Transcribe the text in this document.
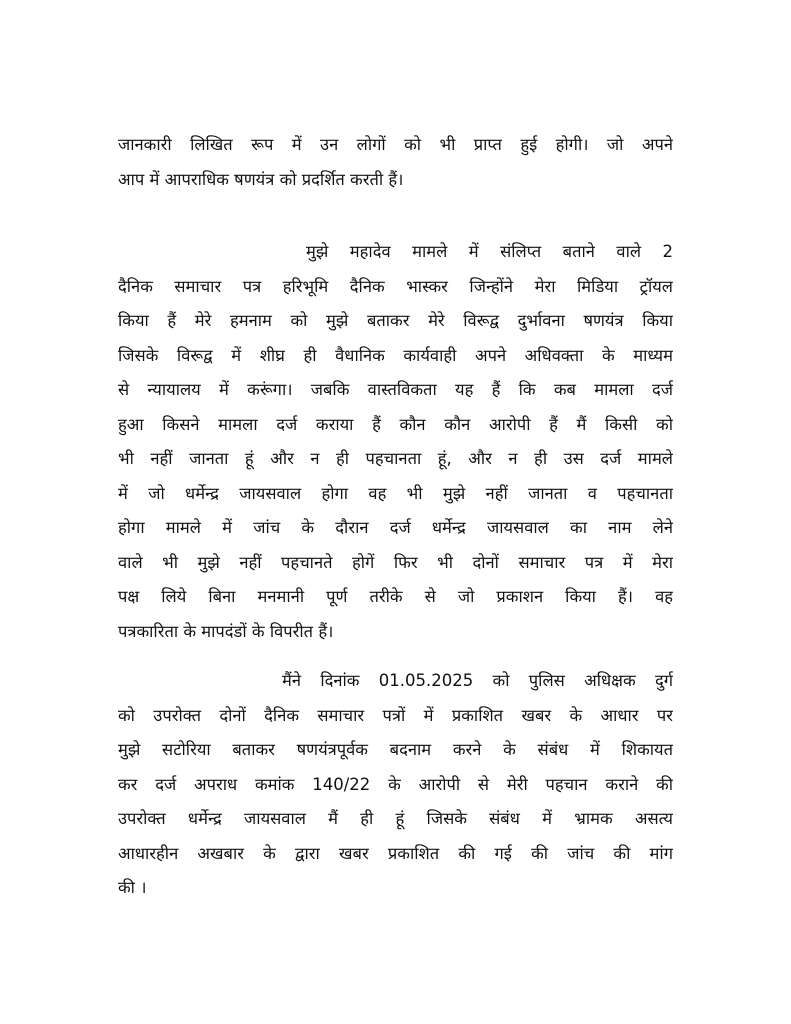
जानकारी लिखित रूप में उन लोगों को भी प्राप्त हुई होगी। जो अपने
आप में आपराधिक षणयंत्र को प्रदर्शित करती हैं।
मुझे महादेव मामले में संलिप्त बताने वाले 2
दैनिक समाचार पत्र हरिभूमि दैनिक भास्कर जिन्होंने मेरा मिडिया ट्रॉयल
किया हैं मेरे हमनाम को मुझे बताकर मेरे विरूद्व दुर्भावना षणयंत्र किया
जिसके विरूद्व में शीघ्र ही वैधानिक कार्यवाही अपने अधिवक्ता के माध्यम
से न्यायालय में करूंगा। जबकि वास्तविकता यह हैं कि कब मामला दर्ज
हुआ किसने मामला दर्ज कराया हैं कौन कौन आरोपी हैं मैं किसी को
भी नहीं जानता हूं और न ही पहचानता हूं, और न ही उस दर्ज मामले
में जो धर्मेन्द्र जायसवाल होगा वह भी मुझे नहीं जानता व पहचानता
होगा मामले में जांच के दौरान दर्ज धर्मेन्द्र जायसवाल का नाम लेने
वाले भी मुझे नहीं पहचानते होगें फिर भी दोनों समाचार पत्र में मेरा
पक्ष लिये बिना मनमानी पूर्ण तरीके से जो प्रकाशन किया हैं। वह
पत्रकारिता के मापदंडों के विपरीत हैं।
मैंने दिनांक 01.05.2025 को पुलिस अधिक्षक दुर्ग
को उपरोक्त दोनों दैनिक समाचार पत्रों में प्रकाशित खबर के आधार पर
मुझे सटोरिया बताकर षणयंत्रपूर्वक बदनाम करने के संबंध में शिकायत
कर दर्ज अपराध कमांक 140/22 के आरोपी से मेरी पहचान कराने की
उपरोक्त धर्मेन्द्र जायसवाल मैं ही हूं जिसके संबंध में भ्रामक असत्य
आधारहीन अखबार के द्वारा खबर प्रकाशित की गई की जांच की मांग
की ।
